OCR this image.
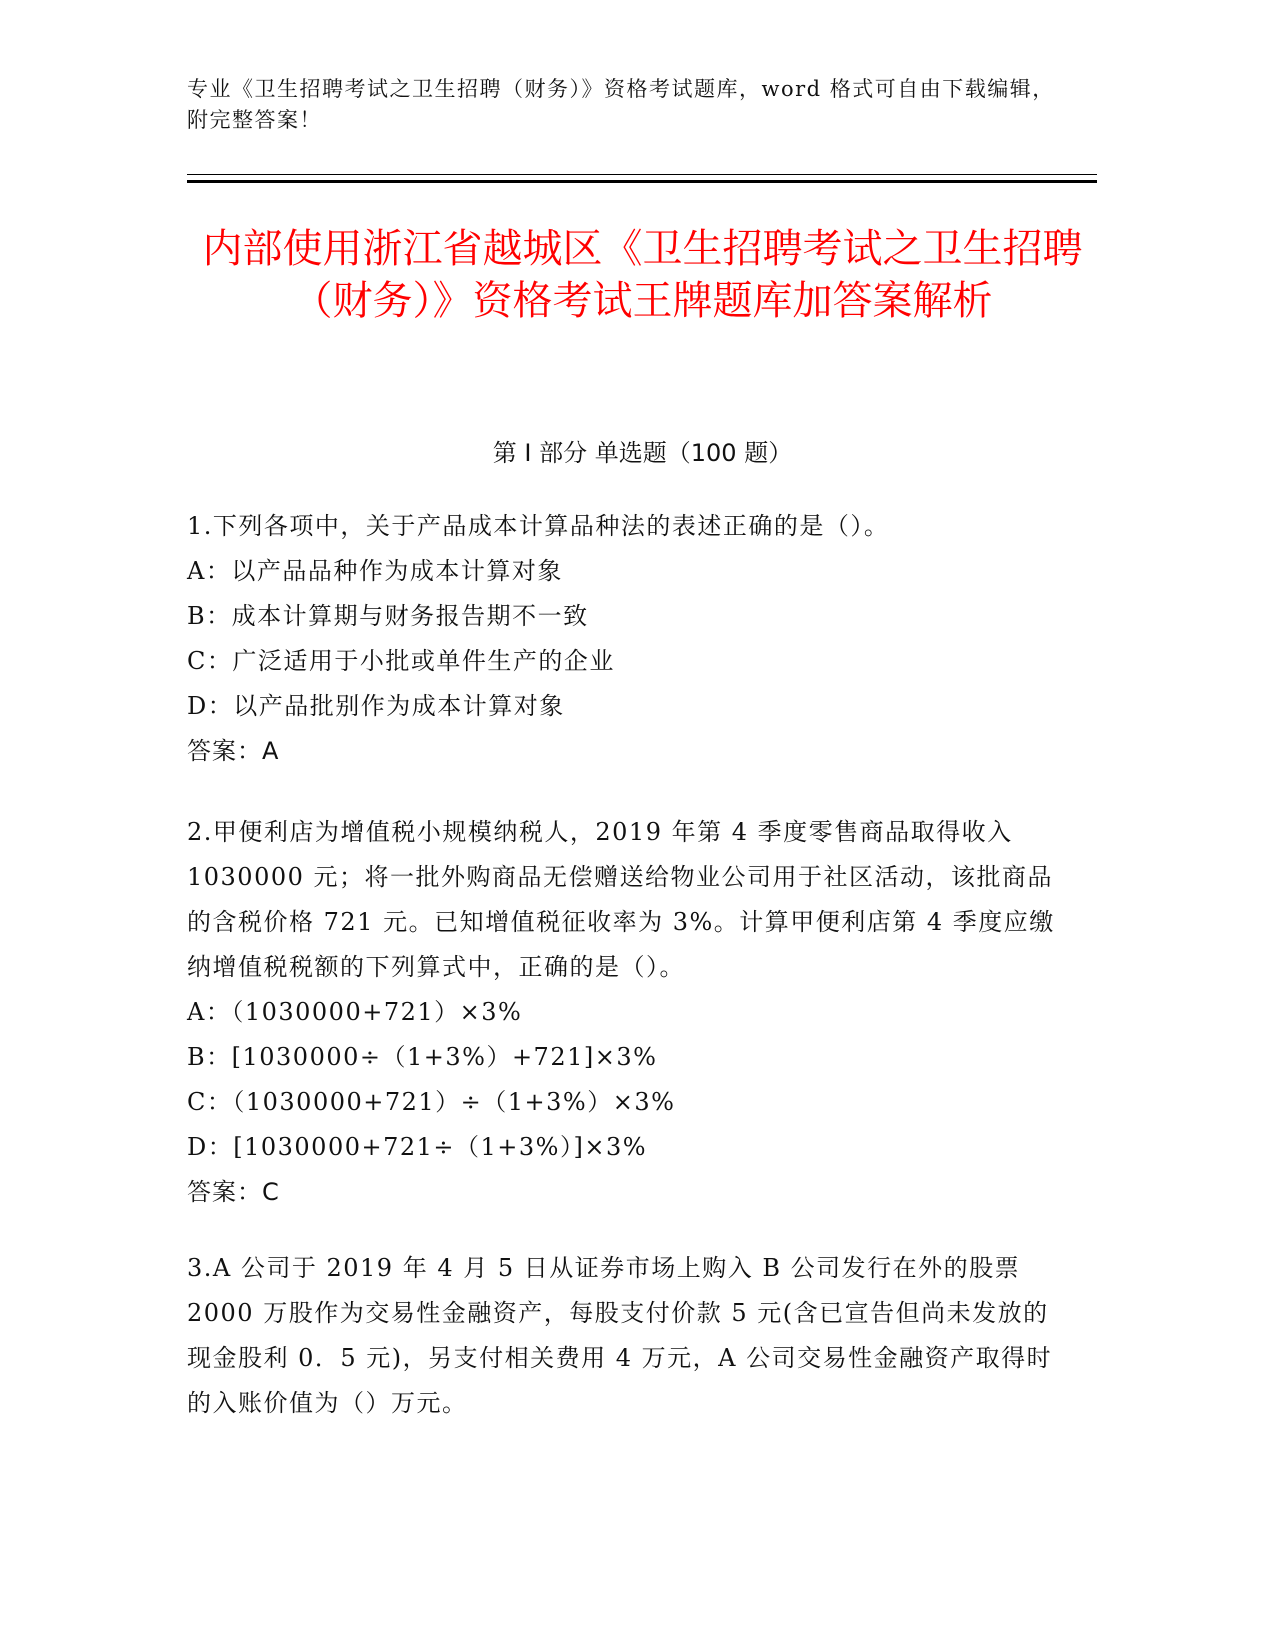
专业《卫生招聘考试之卫生招聘（财务）》资格考试题库，word 格式可自由下载编辑，附完整答案！
内部使用浙江省越城区《卫生招聘考试之卫生招聘（财务）》资格考试王牌题库加答案解析
第 I 部分 单选题（100 题）
1.下列各项中，关于产品成本计算品种法的表述正确的是（）。
A：以产品品种作为成本计算对象
B：成本计算期与财务报告期不一致
C：广泛适用于小批或单件生产的企业
D：以产品批别作为成本计算对象
答案：A
2.甲便利店为增值税小规模纳税人，2019 年第 4 季度零售商品取得收入 1030000 元；将一批外购商品无偿赠送给物业公司用于社区活动，该批商品的含税价格 721 元。已知增值税征收率为 3%。计算甲便利店第 4 季度应缴纳增值税税额的下列算式中，正确的是（）。
A：（1030000+721）×3%
B：[1030000÷（1+3%）+721]×3%
C：（1030000+721）÷（1+3%）×3%
D：[1030000+721÷（1+3%）]×3%
答案：C
3.A 公司于 2019 年 4 月 5 日从证券市场上购入 B 公司发行在外的股票 2000 万股作为交易性金融资产，每股支付价款 5 元(含已宣告但尚未发放的现金股利 0．5 元)，另支付相关费用 4 万元，A 公司交易性金融资产取得时的入账价值为（）万元。
